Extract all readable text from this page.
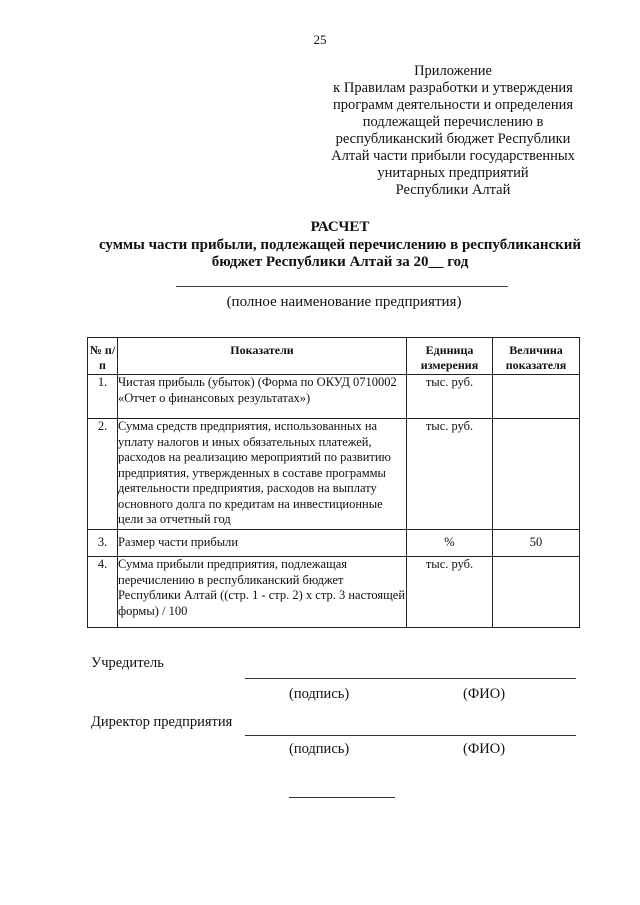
25
Приложение
к Правилам разработки и утверждения
программ деятельности и определения
подлежащей перечислению в
республиканский бюджет Республики
Алтай части прибыли государственных
унитарных предприятий
Республики Алтай
РАСЧЕТ
суммы части прибыли, подлежащей перечислению в республиканский
бюджет Республики Алтай за 20__ год
(полное наименование предприятия)
№ п/п	Показатели	Единица измерения	Величина показателя
1.	Чистая прибыль (убыток) (Форма по ОКУД 0710002 «Отчет о финансовых результатах»)	тыс. руб.	
2.	Сумма средств предприятия, использованных на уплату налогов и иных обязательных платежей, расходов на реализацию мероприятий по развитию предприятия, утвержденных в составе программы деятельности предприятия, расходов на выплату основного долга по кредитам на инвестиционные цели за отчетный год	тыс. руб.	
3.	Размер части прибыли	%	50
4.	Сумма прибыли предприятия, подлежащая перечислению в республиканский бюджет Республики Алтай ((стр. 1 - стр. 2) x стр. 3 настоящей формы) / 100	тыс. руб.	
Учредитель
(подпись)	(ФИО)
Директор предприятия
(подпись)	(ФИО)
